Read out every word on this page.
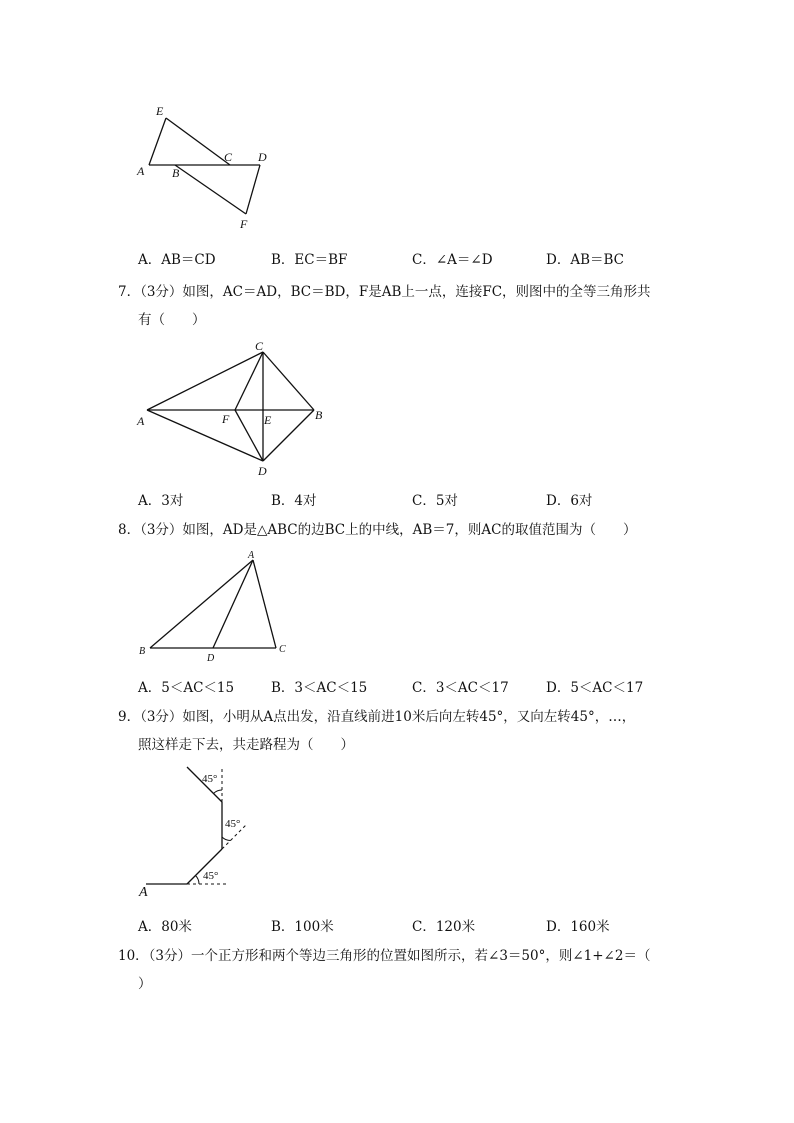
E
A B
C D
F
A．AB＝CD	B．EC＝BF	C．∠A＝∠D	D．AB＝BC
7．（3分）如图，AC＝AD，BC＝BD，F是AB上一点，连接FC，则图中的全等三角形共
有（　　）
C
A	F	E	B
D
A．3对	B．4对	C．5对	D．6对
8．（3分）如图，AD是△ABC的边BC上的中线，AB＝7，则AC的取值范围为（　　）
A
B
D
C
A．5＜AC＜15	B．3＜AC＜15	C．3＜AC＜17	D．5＜AC＜17
9．（3分）如图，小明从A点出发，沿直线前进10米后向左转45°，又向左转45°，…，
照这样走下去，共走路程为（　　）
45°
45°
45°
A
A．80米	B．100米	C．120米	D．160米
10．（3分）一个正方形和两个等边三角形的位置如图所示，若∠3＝50°，则∠1+∠2＝（
）
